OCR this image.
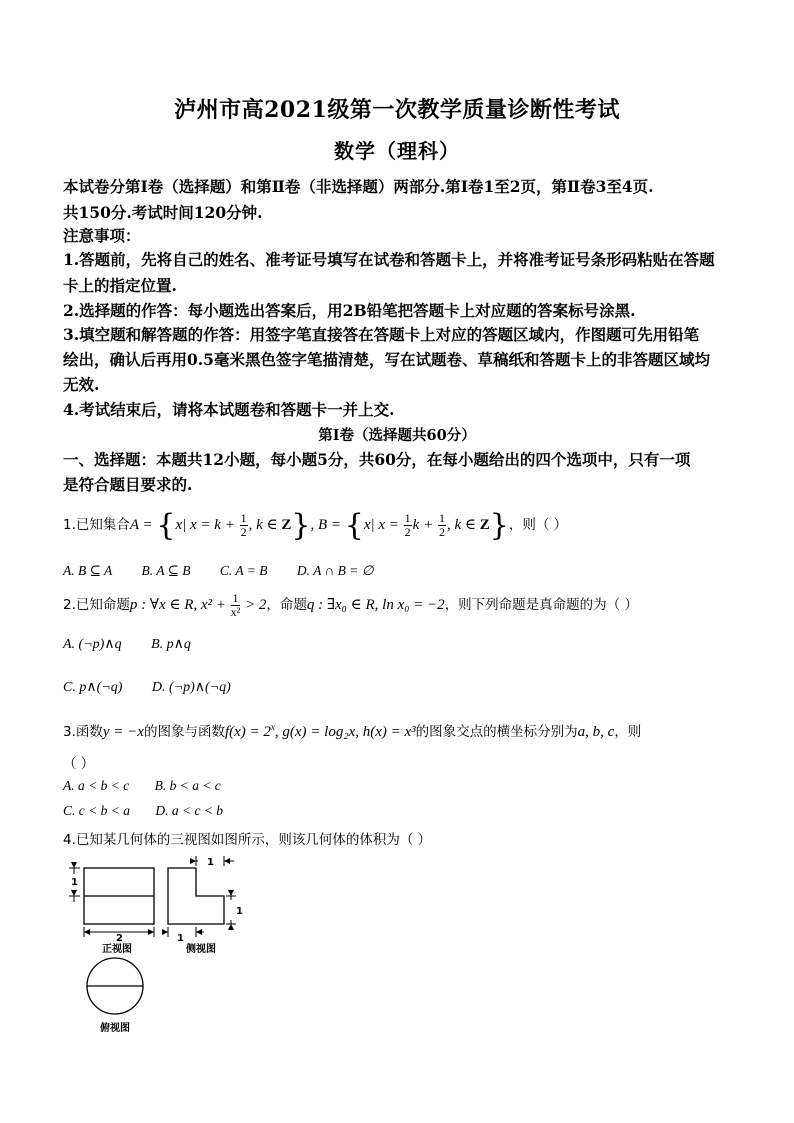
泸州市高2021级第一次教学质量诊断性考试
数学（理科）
本试卷分第Ⅰ卷（选择题）和第Ⅱ卷（非选择题）两部分.第Ⅰ卷1至2页，第Ⅱ卷3至4页.
共150分.考试时间120分钟.
注意事项：
1.答题前，先将自己的姓名、准考证号填写在试卷和答题卡上，并将准考证号条形码粘贴在答题
卡上的指定位置.
2.选择题的作答：每小题选出答案后，用2B铅笔把答题卡上对应题的答案标号涂黑.
3.填空题和解答题的作答：用签字笔直接答在答题卡上对应的答题区域内，作图题可先用铅笔
绘出，确认后再用0.5毫米黑色签字笔描清楚，写在试题卷、草稿纸和答题卡上的非答题区域均
无效.
4.考试结束后，请将本试题卷和答题卡一并上交.
第Ⅰ卷（选择题共60分）
一、选择题：本题共12小题，每小题5分，共60分，在每小题给出的四个选项中，只有一项
是符合题目要求的.
1.已知集合A = {x| $x = k + \frac{1}{2}$ , k ∈ Z}, B = {x| $x = \frac{1}{2}$ $k + \frac{1}{2}$ , k ∈ Z}，则（ ）
A. B ⊆ A B. A ⊆ B C. A = B D. A ∩ B = ∅
2.已知命题p : ∀x ∈ R, $x^2 + \frac{1}{\text{x²}} > 2$，命题q : ∃x₀ ∈ R, ln x₀ = −2，则下列命题是真命题的为（ ）
A. (¬p)∧q B. p∧q
C. p∧(¬q) D. (¬p)∧(¬q)
3.函数y = −x的图象与函数$f(x) = 2^x$, g(x) = log₂x, h(x) = x³的图象交点的横坐标分别为a, b, c，则
（ ）
A. a < b < c B. b < a < c
C. c < b < a D. a < c < b
4.已知某几何体的三视图如图所示，则该几何体的体积为（ ）
1
2
1
1
1
正视图	侧视图
俯视图
